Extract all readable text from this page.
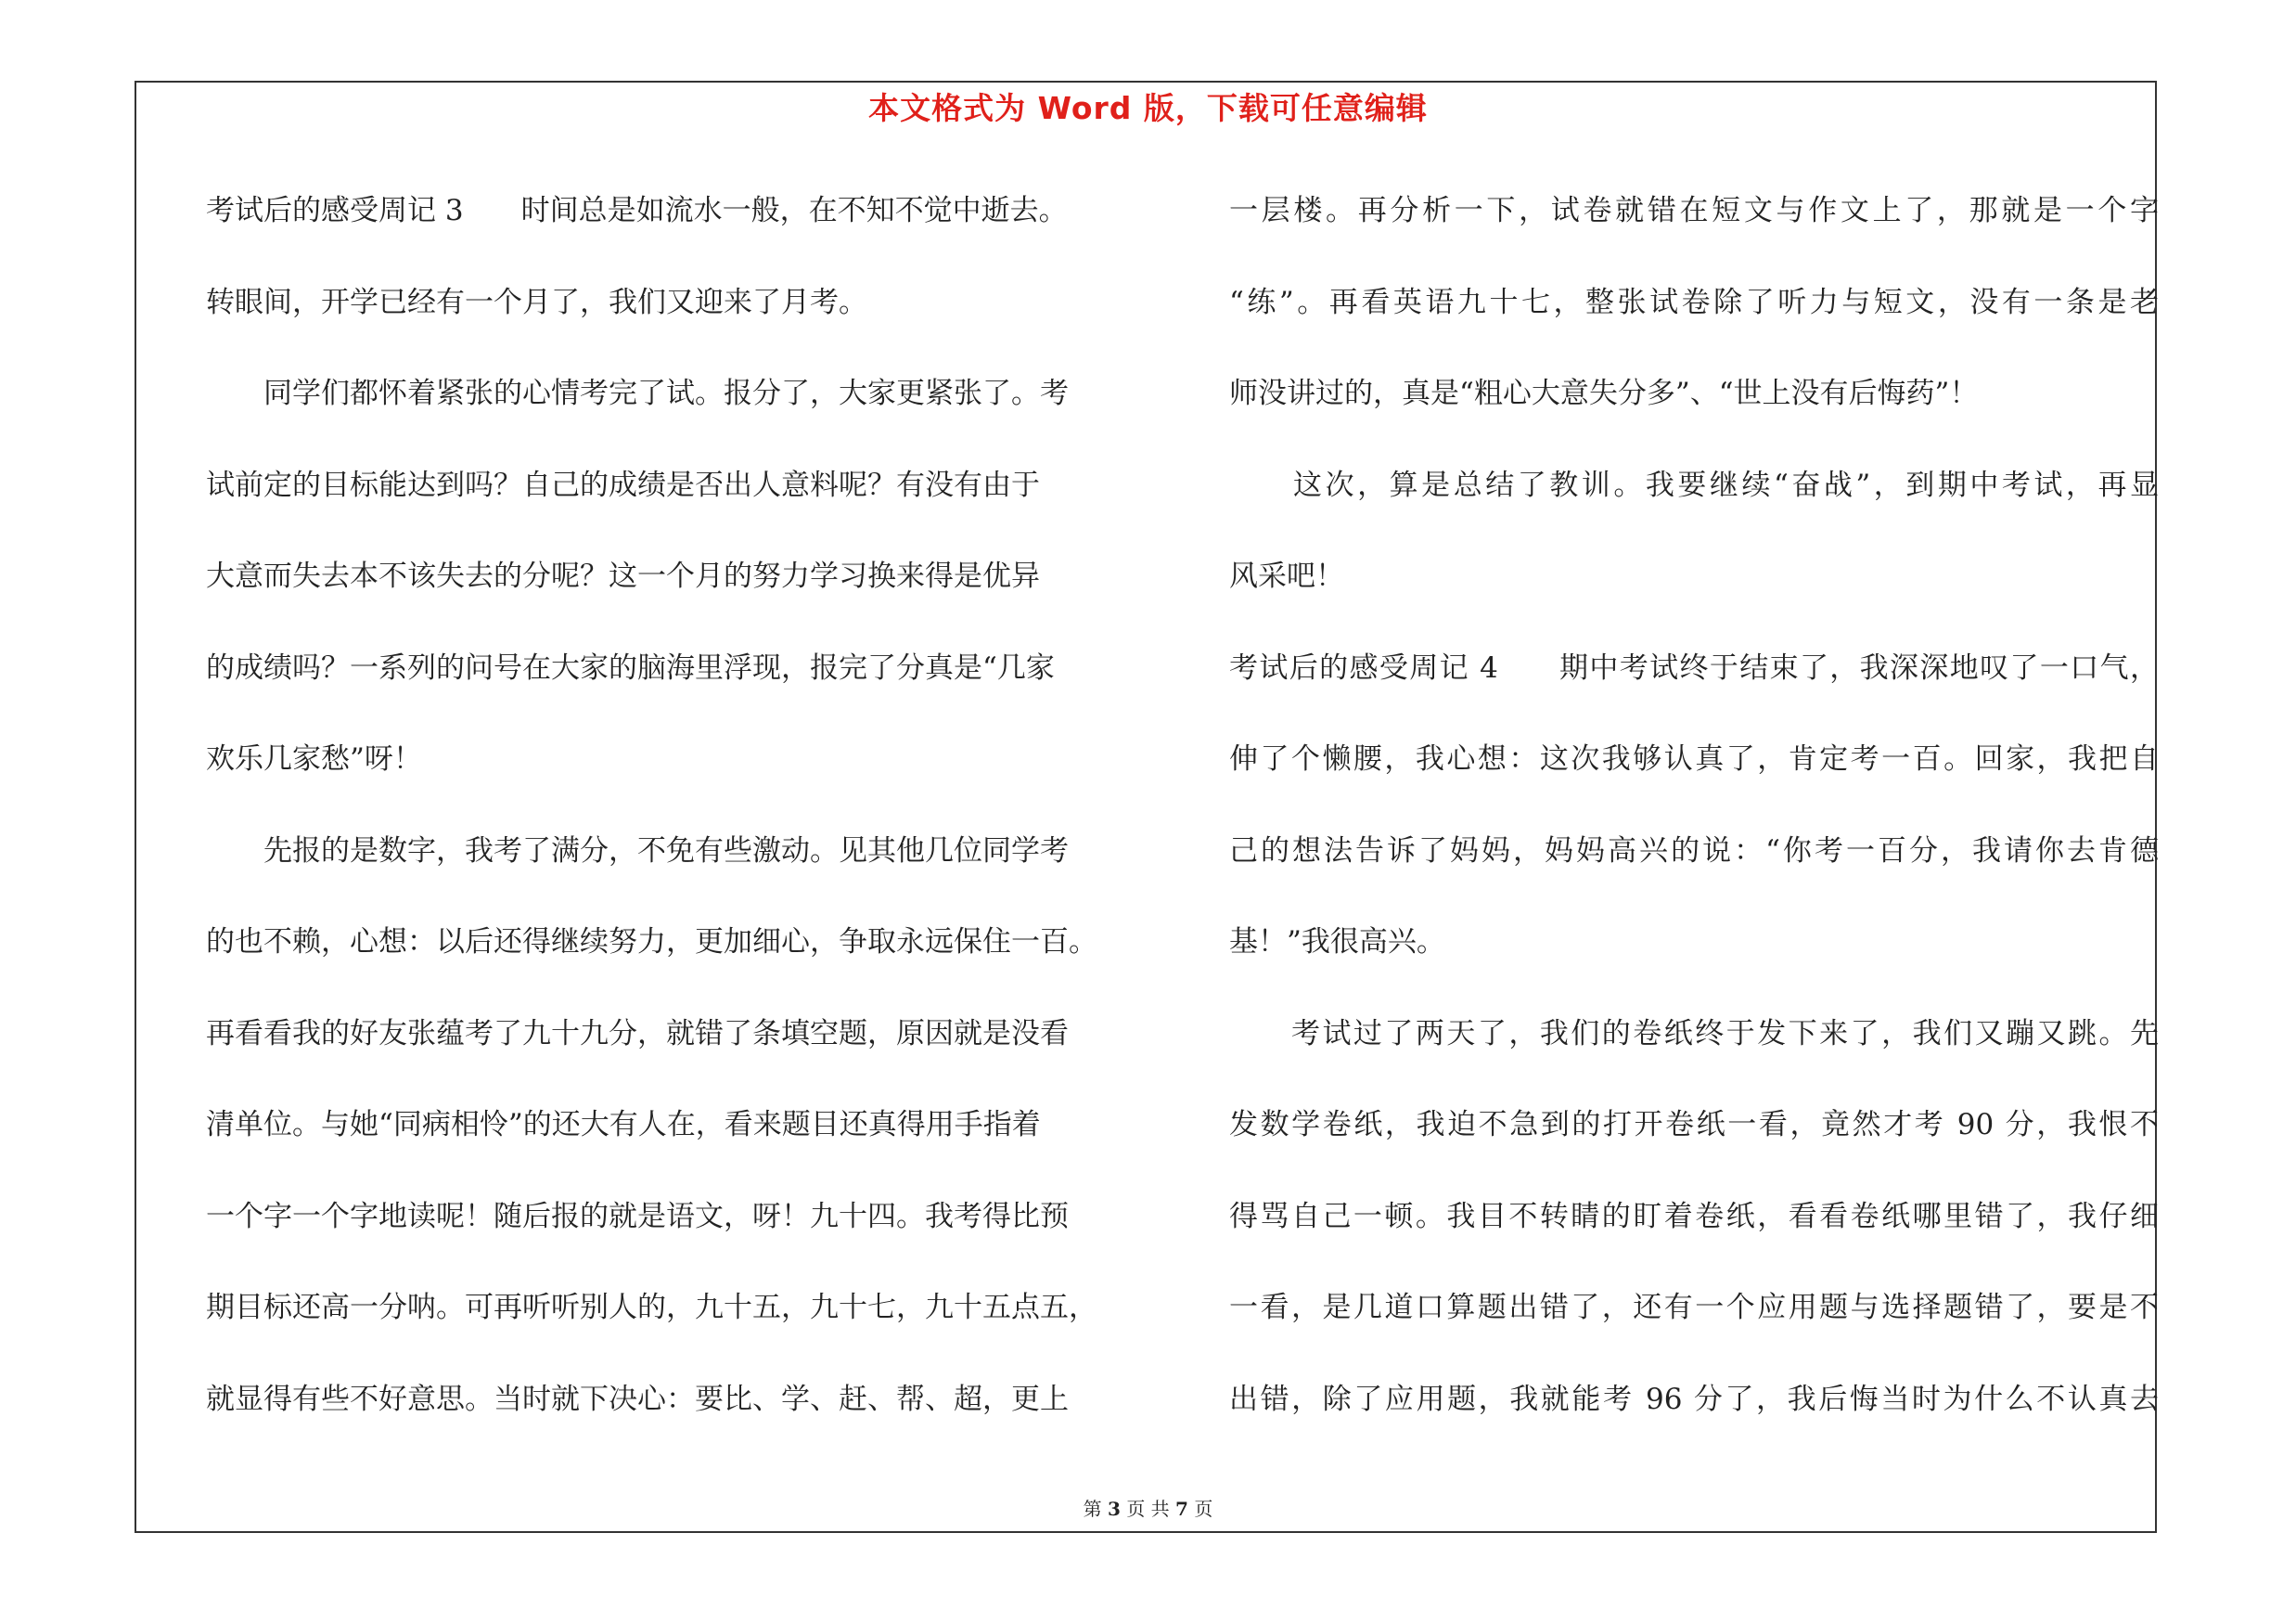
本文格式为 Word 版，下载可任意编辑
考试后的感受周记 3　　时间总是如流水一般，在不知不觉中逝去。
转眼间，开学已经有一个月了，我们又迎来了月考。
　　同学们都怀着紧张的心情考完了试。报分了，大家更紧张了。考
试前定的目标能达到吗？自己的成绩是否出人意料呢？有没有由于
大意而失去本不该失去的分呢？这一个月的努力学习换来得是优异
的成绩吗？一系列的问号在大家的脑海里浮现，报完了分真是“几家
欢乐几家愁”呀！
　　先报的是数字，我考了满分，不免有些激动。见其他几位同学考
的也不赖，心想：以后还得继续努力，更加细心，争取永远保住一百。
再看看我的好友张蕴考了九十九分，就错了条填空题，原因就是没看
清单位。与她“同病相怜”的还大有人在，看来题目还真得用手指着
一个字一个字地读呢！随后报的就是语文，呀！九十四。我考得比预
期目标还高一分呐。可再听听别人的，九十五，九十七，九十五点五，
就显得有些不好意思。当时就下决心：要比、学、赶、帮、超，更上
一层楼。再分析一下，试卷就错在短文与作文上了，那就是一个字
“练”。再看英语九十七，整张试卷除了听力与短文，没有一条是老
师没讲过的，真是“粗心大意失分多”、“世上没有后悔药”！
　　这次，算是总结了教训。我要继续“奋战”，到期中考试，再显
风采吧！
考试后的感受周记 4　　期中考试终于结束了，我深深地叹了一口气，
伸了个懒腰，我心想：这次我够认真了，肯定考一百。回家，我把自
己的想法告诉了妈妈，妈妈高兴的说：“你考一百分，我请你去肯德
基！”我很高兴。
　　考试过了两天了，我们的卷纸终于发下来了，我们又蹦又跳。先
发数学卷纸，我迫不急到的打开卷纸一看，竟然才考 90 分，我恨不
得骂自己一顿。我目不转睛的盯着卷纸，看看卷纸哪里错了，我仔细
一看，是几道口算题出错了，还有一个应用题与选择题错了，要是不
出错，除了应用题，我就能考 96 分了，我后悔当时为什么不认真去
第 3 页 共 7 页
